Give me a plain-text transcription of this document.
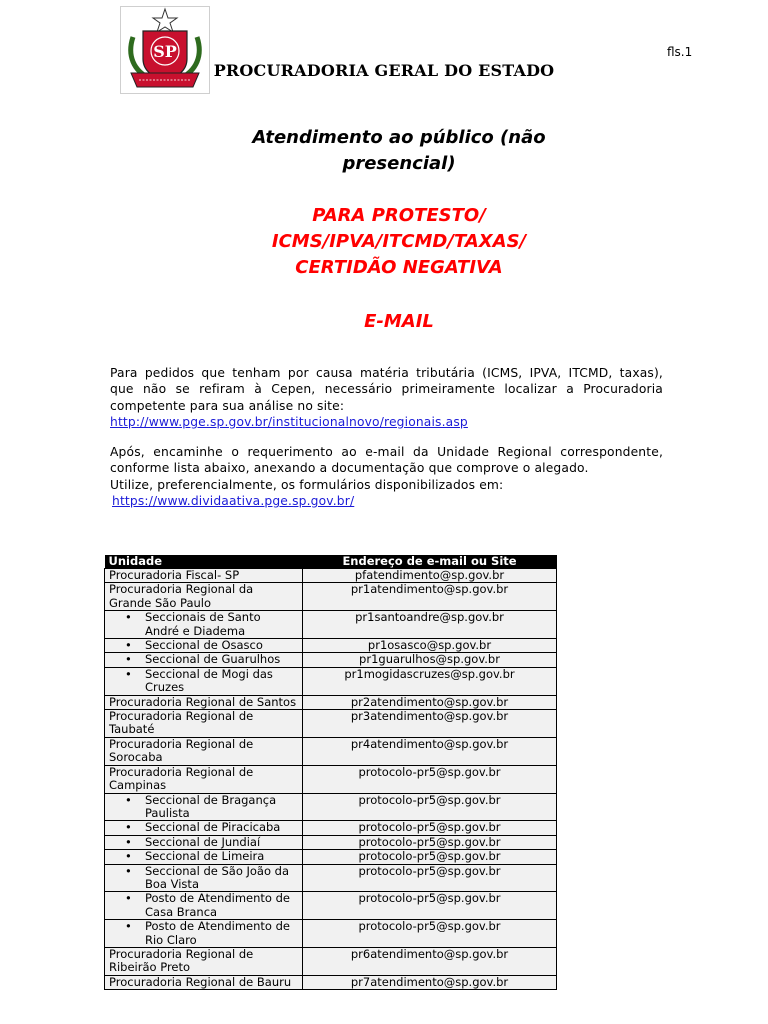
SP	fls.1
PROCURADORIA GERAL DO ESTADO
Atendimento ao público (não
presencial)
PARA PROTESTO/
ICMS/IPVA/ITCMD/TAXAS/
CERTIDÃO NEGATIVA
E-MAIL
Para pedidos que tenham por causa matéria tributária (ICMS, IPVA, ITCMD, taxas),
que não se refiram à Cepen, necessário primeiramente localizar a Procuradoria
competente para sua análise no site:
http://www.pge.sp.gov.br/institucionalnovo/regionais.asp
Após, encaminhe o requerimento ao e-mail da Unidade Regional correspondente,
conforme lista abaixo, anexando a documentação que comprove o alegado.
Utilize, preferencialmente, os formulários disponibilizados em:
https://www.dividaativa.pge.sp.gov.br/
Unidade	Endereço de e-mail ou Site
Procuradoria Fiscal- SP	pfatendimento@sp.gov.br
Procuradoria Regional da Grande São Paulo	pr1atendimento@sp.gov.br

• Seccionais de Santo André e Diadema	pr1santoandre@sp.gov.br

• Seccional de Osasco	pr1osasco@sp.gov.br

• Seccional de Guarulhos	pr1guarulhos@sp.gov.br

• Seccional de Mogi das Cruzes	pr1mogidascruzes@sp.gov.br
Procuradoria Regional de Santos	pr2atendimento@sp.gov.br
Procuradoria Regional de Taubaté	pr3atendimento@sp.gov.br
Procuradoria Regional de Sorocaba	pr4atendimento@sp.gov.br
Procuradoria Regional de Campinas	protocolo-pr5@sp.gov.br

• Seccional de Bragança Paulista	protocolo-pr5@sp.gov.br

• Seccional de Piracicaba	protocolo-pr5@sp.gov.br

• Seccional de Jundiaí	protocolo-pr5@sp.gov.br

• Seccional de Limeira	protocolo-pr5@sp.gov.br

• Seccional de São João da Boa Vista	protocolo-pr5@sp.gov.br

• Posto de Atendimento de Casa Branca	protocolo-pr5@sp.gov.br

• Posto de Atendimento de Rio Claro	protocolo-pr5@sp.gov.br
Procuradoria Regional de Ribeirão Preto	pr6atendimento@sp.gov.br
Procuradoria Regional de Bauru	pr7atendimento@sp.gov.br
